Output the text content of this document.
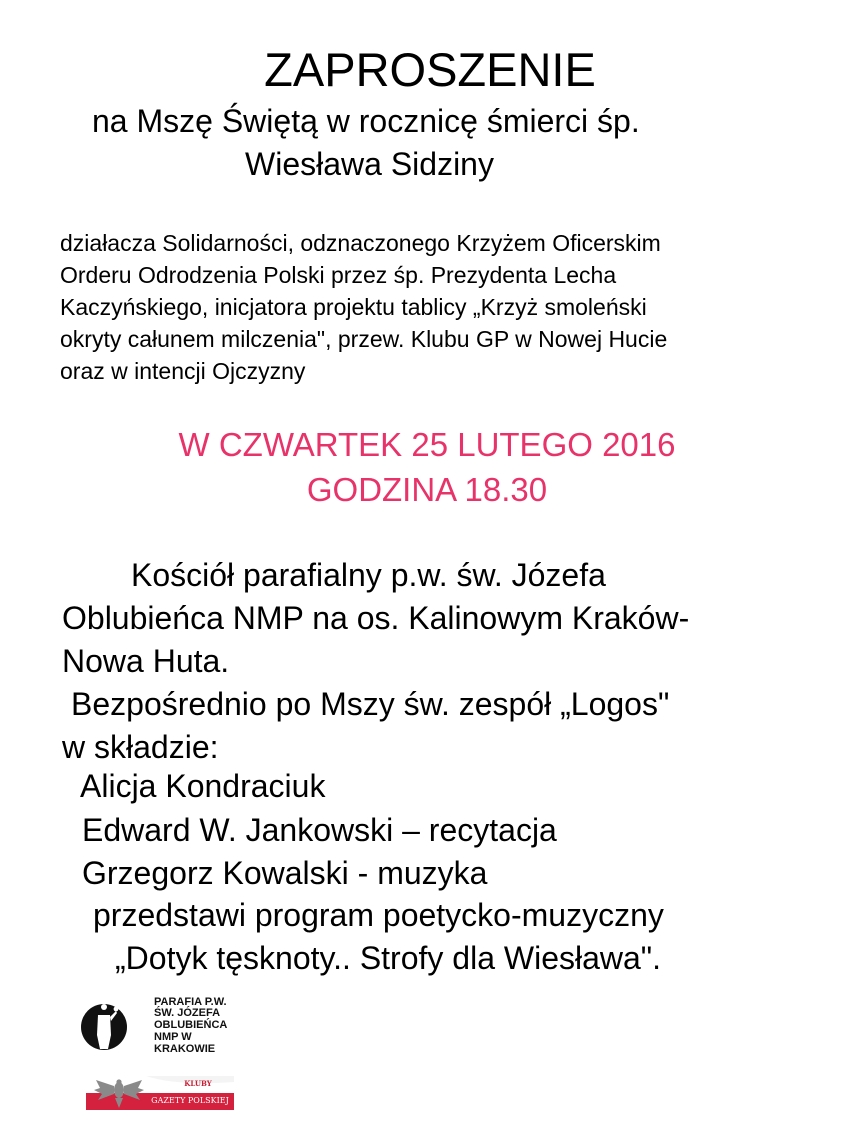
ZAPROSZENIE
na Mszę Świętą w rocznicę śmierci śp.
Wiesława Sidziny
działacza Solidarności, odznaczonego Krzyżem Oficerskim
Orderu Odrodzenia Polski przez śp. Prezydenta Lecha
Kaczyńskiego, inicjatora projektu tablicy „Krzyż smoleński
okryty całunem milczenia", przew. Klubu GP w Nowej Hucie
oraz w intencji Ojczyzny
W CZWARTEK 25 LUTEGO 2016
GODZINA 18.30
Kościół parafialny p.w. św. Józefa
Oblubieńca NMP na os. Kalinowym Kraków-
Nowa Huta.
Bezpośrednio po Mszy św. zespół „Logos"
w składzie:
Alicja Kondraciuk
Edward W. Jankowski – recytacja
Grzegorz Kowalski - muzyka
przedstawi program poetycko-muzyczny
„Dotyk tęsknoty.. Strofy dla Wiesława".
PARAFIA P.W.
ŚW. JÓZEFA
OBLUBIEŃCA
NMP W
KRAKOWIE
KLUBY
GAZETY POLSKIEJ
